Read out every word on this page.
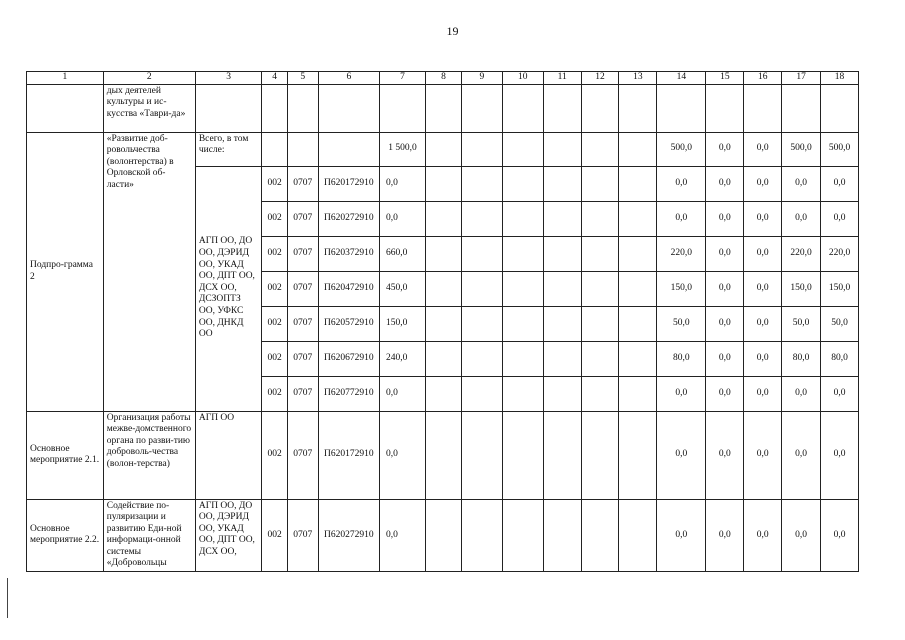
19
1	2	3	4	5	6	7	8	9	10	11	12	13	14	15	16	17	18
	дых деятелей культуры и ис-кусства «Таври-да»																
Подпро-грамма 2	«Развитие доб-ровольчества (волонтерства) в Орловской об-ласти»	Всего, в том числе:				1 500,0							500,0	0,0	0,0	500,0	500,0
		АГП ОО, ДО ОО, ДЭРИД ОО, УКАД ОО, ДПТ ОО, ДСХ ОО, ДСЗОПТЗ ОО, УФКС ОО, ДНКД ОО	002	0707	П620172910	0,0							0,0	0,0	0,0	0,0	0,0
			002	0707	П620272910	0,0							0,0	0,0	0,0	0,0	0,0
			002	0707	П620372910	660,0							220,0	0,0	0,0	220,0	220,0
			002	0707	П620472910	450,0							150,0	0,0	0,0	150,0	150,0
			002	0707	П620572910	150,0							50,0	0,0	0,0	50,0	50,0
			002	0707	П620672910	240,0							80,0	0,0	0,0	80,0	80,0
			002	0707	П620772910	0,0							0,0	0,0	0,0	0,0	0,0
Основное мероприятие 2.1.	Организация работы межве-домственного органа по разви-тию доброволь-чества (волон-терства)	АГП ОО	002	0707	П620172910	0,0							0,0	0,0	0,0	0,0	0,0
Основное мероприятие 2.2.	Содействие по-пуляризации и развитию Еди-ной информаци-онной системы «Добровольцы	АГП ОО, ДО ОО, ДЭРИД ОО, УКАД ОО, ДПТ ОО, ДСХ ОО,	002	0707	П620272910	0,0							0,0	0,0	0,0	0,0	0,0
